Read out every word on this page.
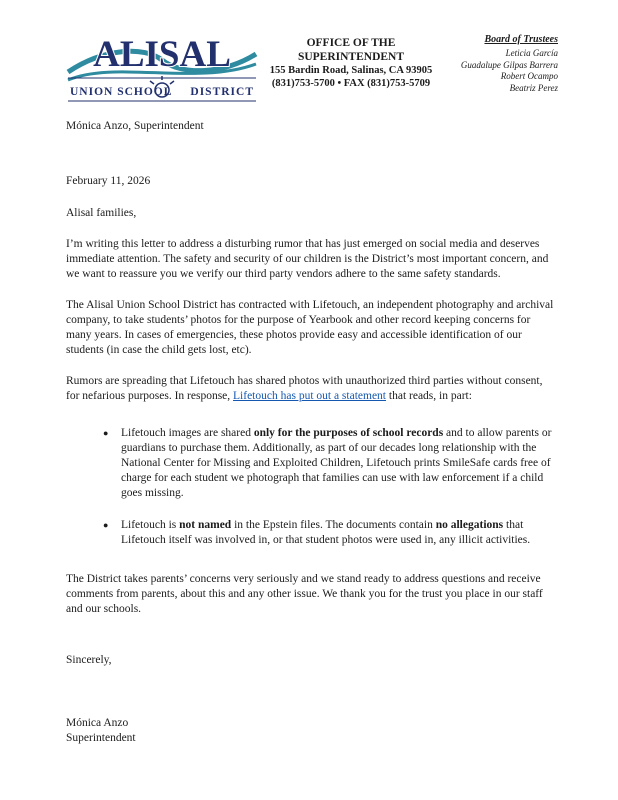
ALISAL
UNION SCHOOL DISTRICT
OFFICE OF THE SUPERINTENDENT
155 Bardin Road, Salinas, CA 93905
(831)753-5700 • FAX (831)753-5709
Board of Trustees
Leticia García
Guadalupe Gilpas Barrera
Robert Ocampo
Beatriz Perez

Mónica Anzo, Superintendent

February 11, 2026

Alisal families,

I’m writing this letter to address a disturbing rumor that has just emerged on social media and deserves immediate attention. The safety and security of our children is the District’s most important concern, and we want to reassure you we verify our third party vendors adhere to the same safety standards.

The Alisal Union School District has contracted with Lifetouch, an independent photography and archival company, to take students’ photos for the purpose of Yearbook and other record keeping concerns for many years. In cases of emergencies, these photos provide easy and accessible identification of our students (in case the child gets lost, etc).

Rumors are spreading that Lifetouch has shared photos with unauthorized third parties without consent, for nefarious purposes. In response, Lifetouch has put out a statement that reads, in part:

●	Lifetouch images are shared only for the purposes of school records and to allow parents or guardians to purchase them. Additionally, as part of our decades long relationship with the National Center for Missing and Exploited Children, Lifetouch prints SmileSafe cards free of charge for each student we photograph that families can use with law enforcement if a child goes missing.
●	Lifetouch is not named in the Epstein files. The documents contain no allegations that Lifetouch itself was involved in, or that student photos were used in, any illicit activities.

The District takes parents’ concerns very seriously and we stand ready to address questions and receive comments from parents, about this and any other issue. We thank you for the trust you place in our staff and our schools.

Sincerely,

Mónica Anzo

Superintendent
